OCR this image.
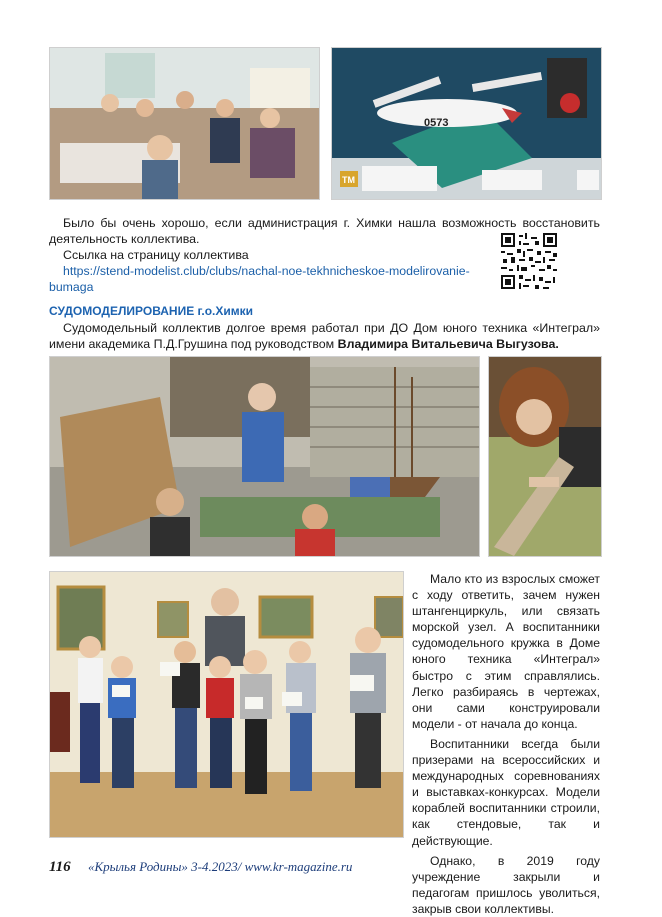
0573
ТМ

Было бы очень хорошо, если администрация г. Химки нашла возможность восстановить деятельность коллектива.

Ссылка на страницу коллектива
https://stend-modelist.club/clubs/nachal-noe-tekhnicheskoe-modelirovanie-bumaga
СУДОМОДЕЛИРОВАНИЕ г.о.Химки

Судомодельный коллектив долгое время работал при ДО Дом юного техника «Интеграл» имени академика П.Д.Грушина под руководством Владимира Витальевича Выгузова.

Мало кто из взрослых сможет с ходу ответить, зачем нужен штангенциркуль, или связать морской узел. А воспитанники судомодельного кружка в Доме юного техника «Интеграл» быстро с этим справлялись. Легко разбираясь в чертежах, они сами конструировали модели - от начала до конца.

Воспитанники всегда были призерами на всероссийских и международных соревнованиях и выставках-конкурсах. Модели кораблей воспитанники строили, как стендовые, так и действующие.

Однако, в 2019 году учреждение закрыли и педагогам пришлось уволиться, закрыв свои коллективы.

116 «Крылья Родины» 3-4.2023/ www.kr-magazine.ru
